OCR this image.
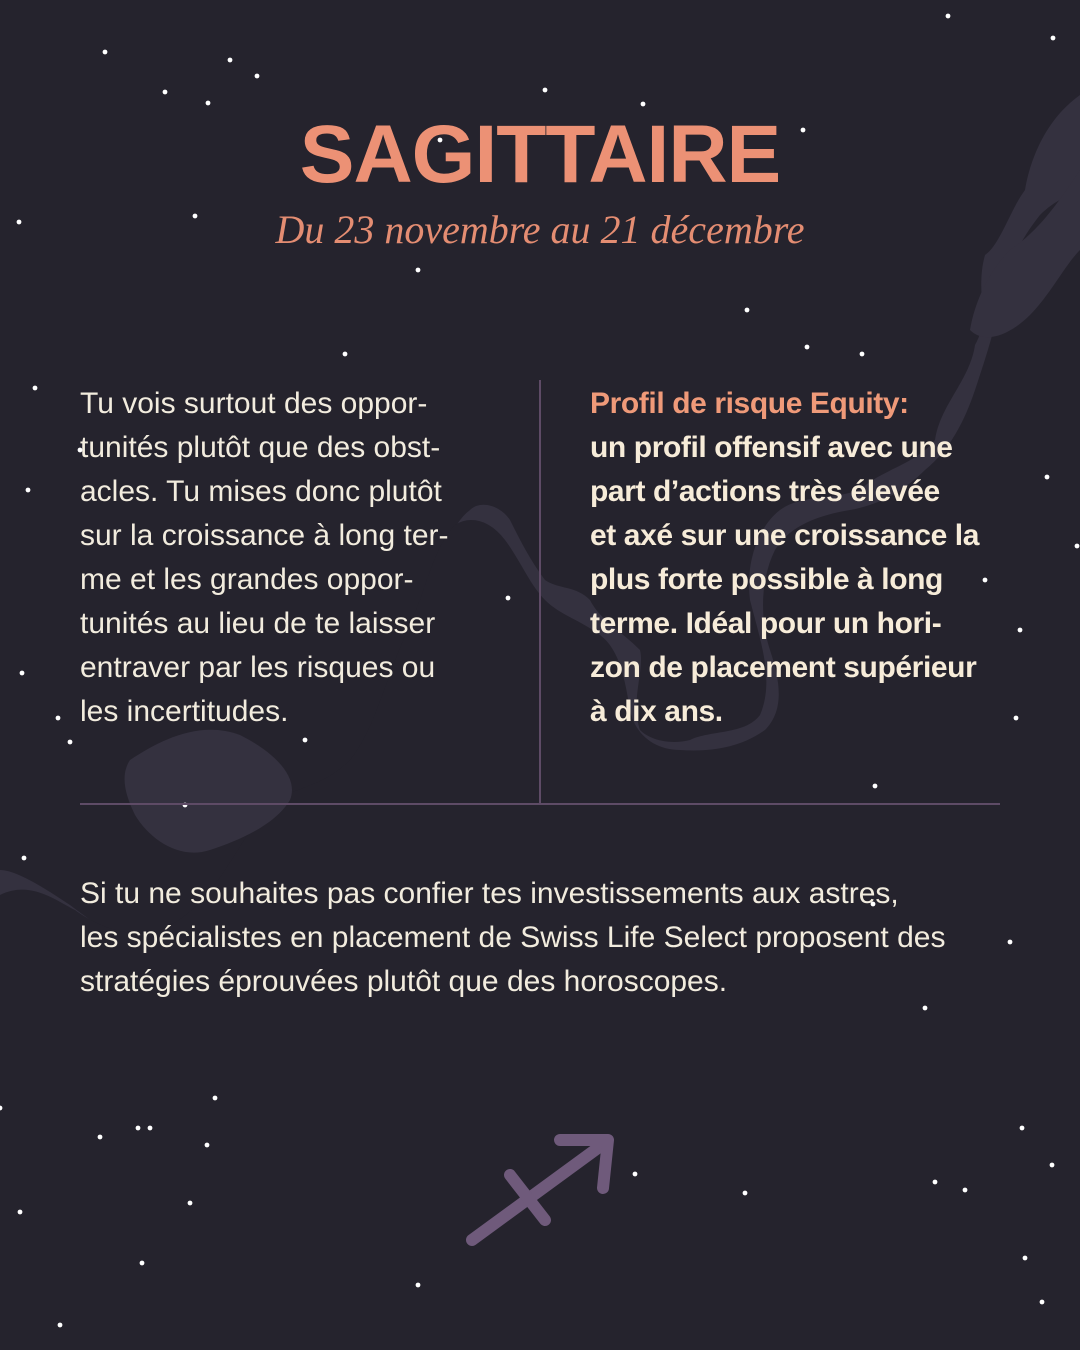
SAGITTAIRE
Du 23 novembre au 21 décembre
Tu vois surtout des oppor-
tunités plutôt que des obst-
acles. Tu mises donc plutôt
sur la croissance à long ter-
me et les grandes oppor-
tunités au lieu de te laisser
entraver par les risques ou
les incertitudes.
Profil de risque Equity:
un profil offensif avec une
part d’actions très élevée
et axé sur une croissance la
plus forte possible à long
terme. Idéal pour un hori-
zon de placement supérieur
à dix ans.
Si tu ne souhaites pas confier tes investissements aux astres,
les spécialistes en placement de Swiss Life Select proposent des
stratégies éprouvées plutôt que des horoscopes.
